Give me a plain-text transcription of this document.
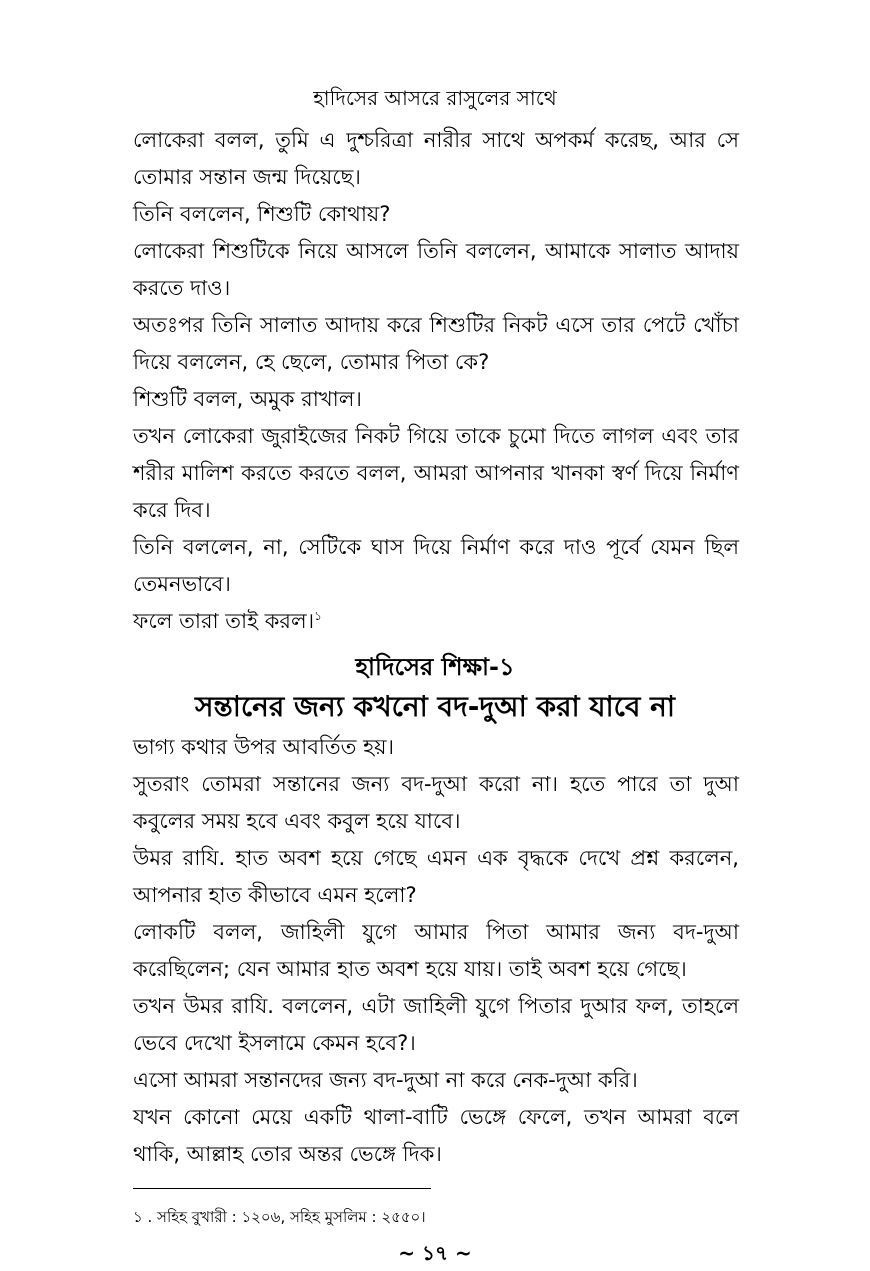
হাদিসের আসরে রাসুলের সাথে

লোকেরা বলল, তুমি এ দুশ্চরিত্রা নারীর সাথে অপকর্ম করেছ, আর সে তোমার সন্তান জন্ম দিয়েছে।

তিনি বললেন, শিশুটি কোথায়?

লোকেরা শিশুটিকে নিয়ে আসলে তিনি বললেন, আমাকে সালাত আদায় করতে দাও।

অতঃপর তিনি সালাত আদায় করে শিশুটির নিকট এসে তার পেটে খোঁচা দিয়ে বললেন, হে ছেলে, তোমার পিতা কে?

শিশুটি বলল, অমুক রাখাল।

তখন লোকেরা জুরাইজের নিকট গিয়ে তাকে চুমো দিতে লাগল এবং তার শরীর মালিশ করতে করতে বলল, আমরা আপনার খানকা স্বর্ণ দিয়ে নির্মাণ করে দিব।

তিনি বললেন, না, সেটিকে ঘাস দিয়ে নির্মাণ করে দাও পূর্বে যেমন ছিল তেমনভাবে।

ফলে তারা তাই করল।$^১$

হাদিসের শিক্ষা-১
সন্তানের জন্য কখনো বদ-দুআ করা যাবে না

ভাগ্য কথার উপর আবর্তিত হয়।

সুতরাং তোমরা সন্তানের জন্য বদ-দুআ করো না। হতে পারে তা দুআ কবুলের সময় হবে এবং কবুল হয়ে যাবে।

উমর রাযি. হাত অবশ হয়ে গেছে এমন এক বৃদ্ধকে দেখে প্রশ্ন করলেন, আপনার হাত কীভাবে এমন হলো?

লোকটি বলল, জাহিলী যুগে আমার পিতা আমার জন্য বদ-দুআ করেছিলেন; যেন আমার হাত অবশ হয়ে যায়। তাই অবশ হয়ে গেছে।

তখন উমর রাযি. বললেন, এটা জাহিলী যুগে পিতার দুআর ফল, তাহলে ভেবে দেখো ইসলামে কেমন হবে?।

এসো আমরা সন্তানদের জন্য বদ-দুআ না করে নেক-দুআ করি।

যখন কোনো মেয়ে একটি থালা-বাটি ভেঙ্গে ফেলে, তখন আমরা বলে থাকি, আল্লাহ তোর অন্তর ভেঙ্গে দিক।

১ . সহিহ বুখারী : ১২০৬, সহিহ মুসলিম : ২৫৫০।
~ ১৭ ~
